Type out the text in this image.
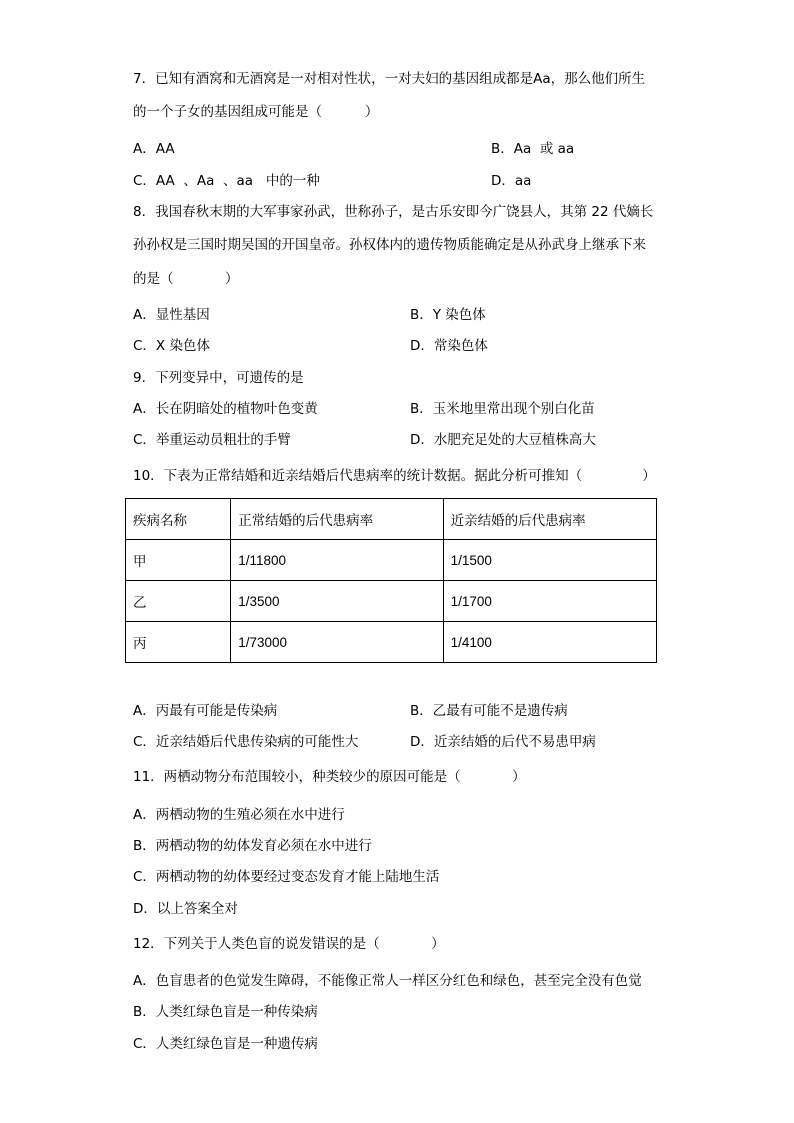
7．已知有酒窝和无酒窝是一对相对性状，一对夫妇的基因组成都是Aa，那么他们所生
的一个子女的基因组成可能是（          ）
A．AA	B．Aa  或 aa
C．AA  、Aa  、aa   中的一种	D．aa
8．我国春秋末期的大军事家孙武，世称孙子，是古乐安即今广饶县人，其第 22 代嫡长
孙孙权是三国时期吴国的开国皇帝。孙权体内的遗传物质能确定是从孙武身上继承下来
的是（            ）
A．显性基因	B．Y 染色体
C．X 染色体	D．常染色体
9．下列变异中，可遗传的是
A．长在阴暗处的植物叶色变黄	B．玉米地里常出现个别白化苗
C．举重运动员粗壮的手臂	D．水肥充足处的大豆植株高大
10．下表为正常结婚和近亲结婚后代患病率的统计数据。据此分析可推知（              ）
疾病名称	正常结婚的后代患病率	近亲结婚的后代患病率
甲	1/11800	1/1500
乙	1/3500	1/1700
丙	1/73000	1/4100
A．丙最有可能是传染病	B．乙最有可能不是遗传病
C．近亲结婚后代患传染病的可能性大	D．近亲结婚的后代不易患甲病
11．两栖动物分布范围较小，种类较少的原因可能是（            ）
A．两栖动物的生殖必须在水中进行
B．两栖动物的幼体发育必须在水中进行
C．两栖动物的幼体要经过变态发育才能上陆地生活
D．以上答案全对
12．下列关于人类色盲的说发错误的是（            ）
A．色盲患者的色觉发生障碍，不能像正常人一样区分红色和绿色，甚至完全没有色觉
B．人类红绿色盲是一种传染病
C．人类红绿色盲是一种遗传病
